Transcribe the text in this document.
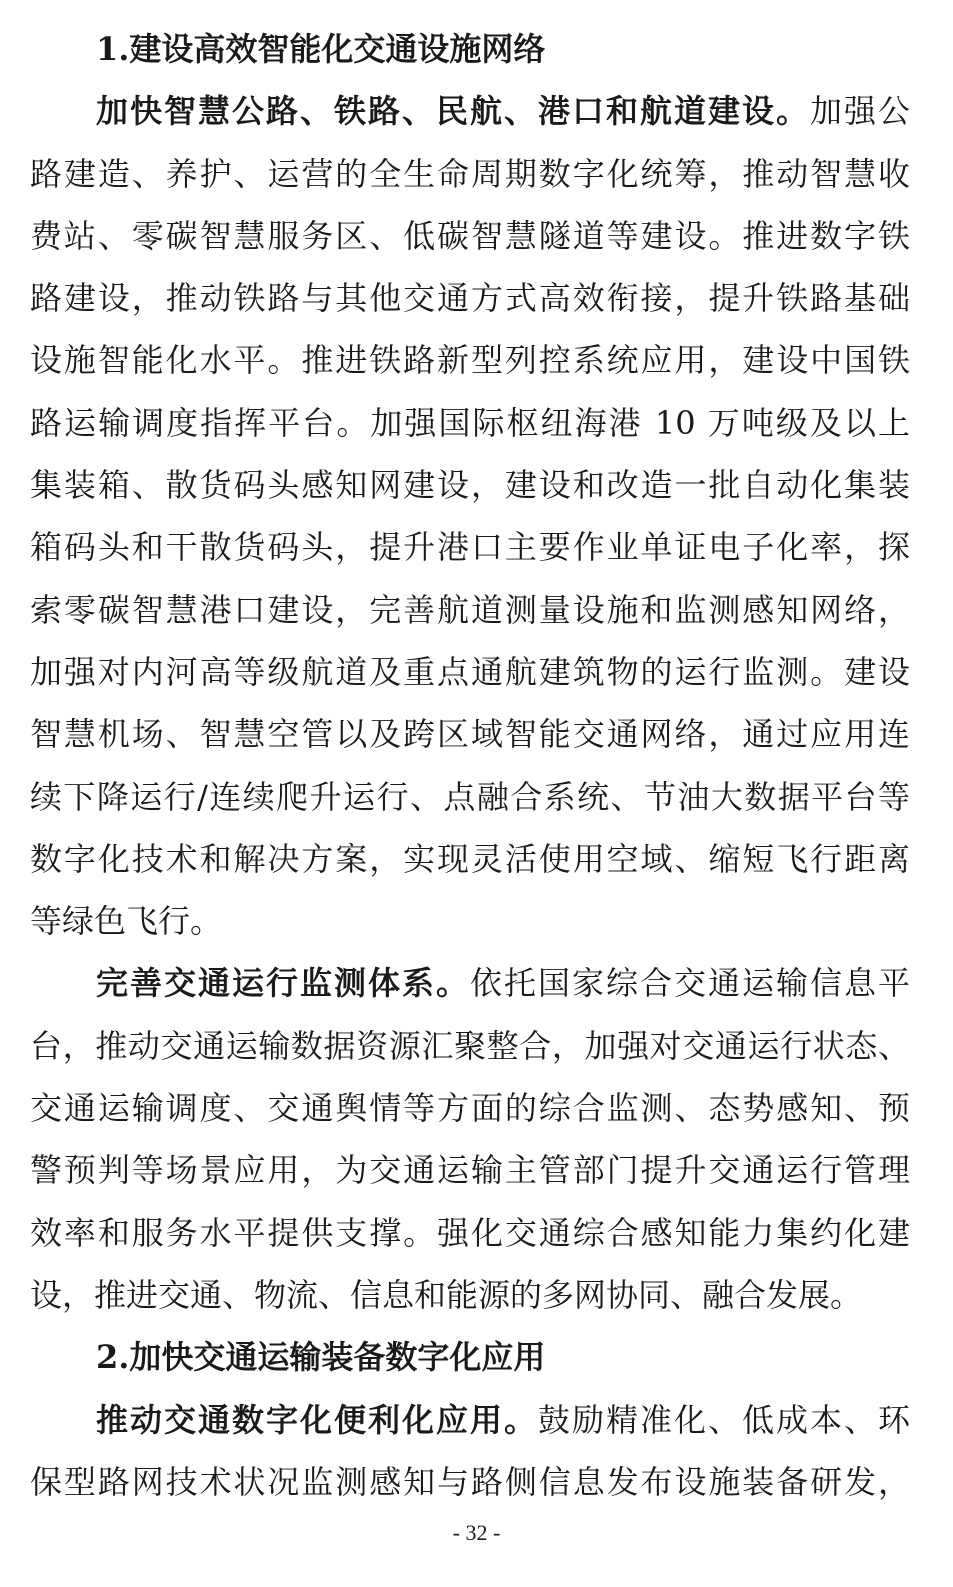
1.建设高效智能化交通设施网络
加快智慧公路、铁路、民航、港口和航道建设。加强公
路建造、养护、运营的全生命周期数字化统筹，推动智慧收
费站、零碳智慧服务区、低碳智慧隧道等建设。推进数字铁
路建设，推动铁路与其他交通方式高效衔接，提升铁路基础
设施智能化水平。推进铁路新型列控系统应用，建设中国铁
路运输调度指挥平台。加强国际枢纽海港 10 万吨级及以上
集装箱、散货码头感知网建设，建设和改造一批自动化集装
箱码头和干散货码头，提升港口主要作业单证电子化率，探
索零碳智慧港口建设，完善航道测量设施和监测感知网络，
加强对内河高等级航道及重点通航建筑物的运行监测。建设
智慧机场、智慧空管以及跨区域智能交通网络，通过应用连
续下降运行/连续爬升运行、点融合系统、节油大数据平台等
数字化技术和解决方案，实现灵活使用空域、缩短飞行距离
等绿色飞行。
完善交通运行监测体系。依托国家综合交通运输信息平
台，推动交通运输数据资源汇聚整合，加强对交通运行状态、
交通运输调度、交通舆情等方面的综合监测、态势感知、预
警预判等场景应用，为交通运输主管部门提升交通运行管理
效率和服务水平提供支撑。强化交通综合感知能力集约化建
设，推进交通、物流、信息和能源的多网协同、融合发展。
2.加快交通运输装备数字化应用
推动交通数字化便利化应用。鼓励精准化、低成本、环
保型路网技术状况监测感知与路侧信息发布设施装备研发，
- 32 -
